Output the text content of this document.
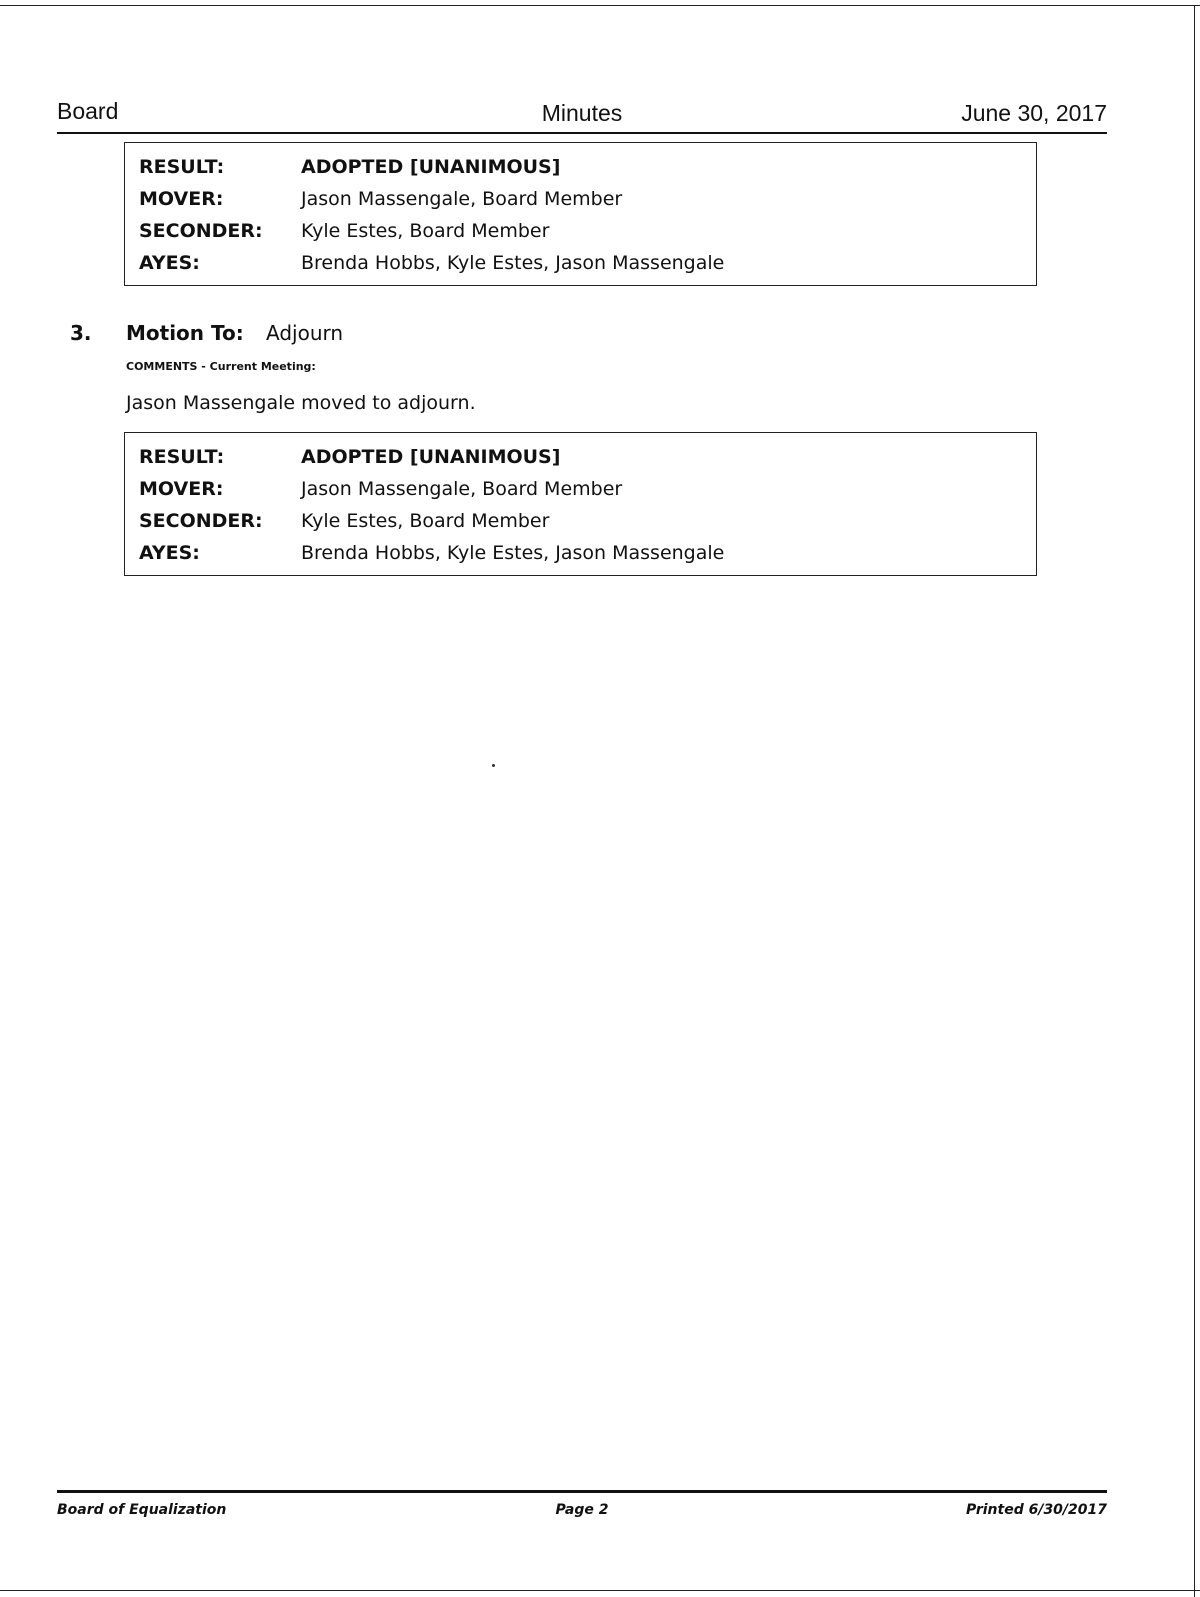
Board	Minutes	June 30, 2017
RESULT:	ADOPTED [UNANIMOUS]
MOVER:	Jason Massengale, Board Member
SECONDER: Kyle Estes, Board Member
AYES:	Brenda Hobbs, Kyle Estes, Jason Massengale
3. Motion To: Adjourn
COMMENTS - Current Meeting:
Jason Massengale moved to adjourn.
RESULT:	ADOPTED [UNANIMOUS]
MOVER:	Jason Massengale, Board Member
SECONDER: Kyle Estes, Board Member
AYES:	Brenda Hobbs, Kyle Estes, Jason Massengale
Board of Equalization	Page 2	Printed 6/30/2017
